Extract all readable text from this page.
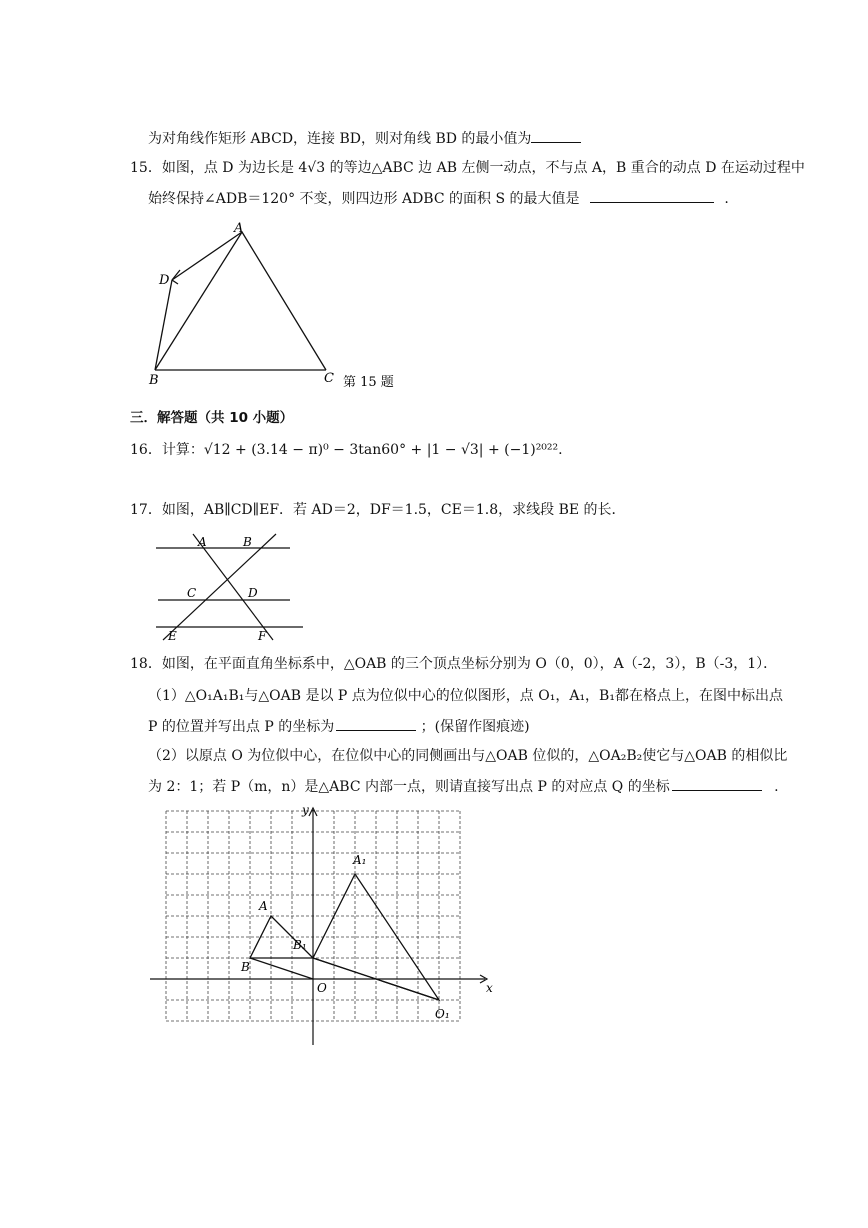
为对角线作矩形 ABCD，连接 BD，则对角线 BD 的最小值为
15．如图，点 D 为边长是 4√3 的等边△ABC 边 AB 左侧一动点，不与点 A，B 重合的动点 D 在运动过程中
始终保持∠ADB＝120° 不变，则四边形 ADBC 的面积 S 的最大值是	.
A
D
B	C 第 15 题
三．解答题（共 10 小题）
16．计算：√12 + (3.14 − π)⁰ − 3tan60° + |1 − √3| + (−1)²⁰²².
17．如图，AB∥CD∥EF．若 AD＝2，DF＝1.5，CE＝1.8，求线段 BE 的长．
A	B
C	D
E	F
18．如图，在平面直角坐标系中，△OAB 的三个顶点坐标分别为 O（0，0），A（-2，3），B（-3，1）．
（1）△O₁A₁B₁与△OAB 是以 P 点为位似中心的位似图形，点 O₁，A₁，B₁都在格点上，在图中标出点
P 的位置并写出点 P 的坐标为	；(保留作图痕迹)
（2）以原点 O 为位似中心，在位似中心的同侧画出与△OAB 位似的，△OA₂B₂使它与△OAB 的相似比
为 2：1；若 P（m，n）是△ABC 内部一点，则请直接写出点 P 的对应点 Q 的坐标	.
x
y
O
A
B
A₁
B₁
O₁
